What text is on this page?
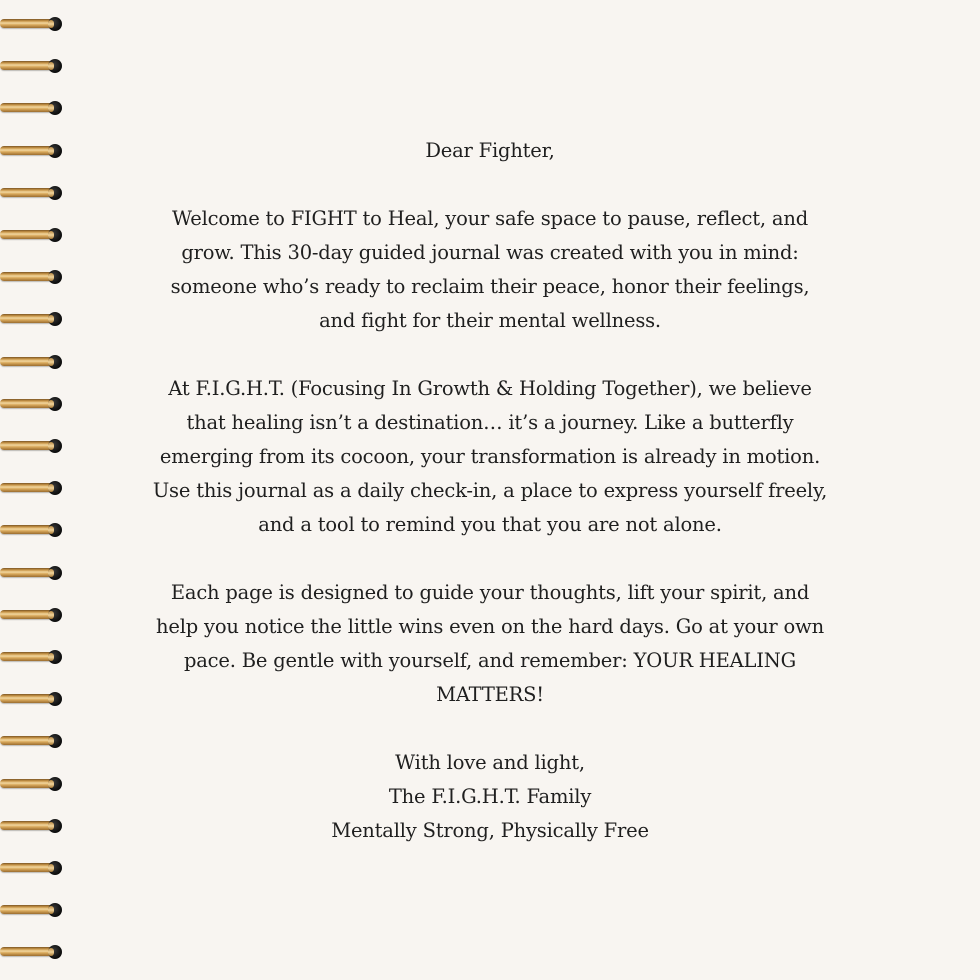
Dear Fighter,

Welcome to FIGHT to Heal, your safe space to pause, reflect, and grow. This 30-day guided journal was created with you in mind: someone who’s ready to reclaim their peace, honor their feelings, and fight for their mental wellness.

At F.I.G.H.T. (Focusing In Growth & Holding Together), we believe that healing isn’t a destination… it’s a journey. Like a butterfly emerging from its cocoon, your transformation is already in motion. Use this journal as a daily check-in, a place to express yourself freely, and a tool to remind you that you are not alone.

Each page is designed to guide your thoughts, lift your spirit, and help you notice the little wins even on the hard days. Go at your own pace. Be gentle with yourself, and remember: YOUR HEALING MATTERS!

With love and light,
The F.I.G.H.T. Family
Mentally Strong, Physically Free
